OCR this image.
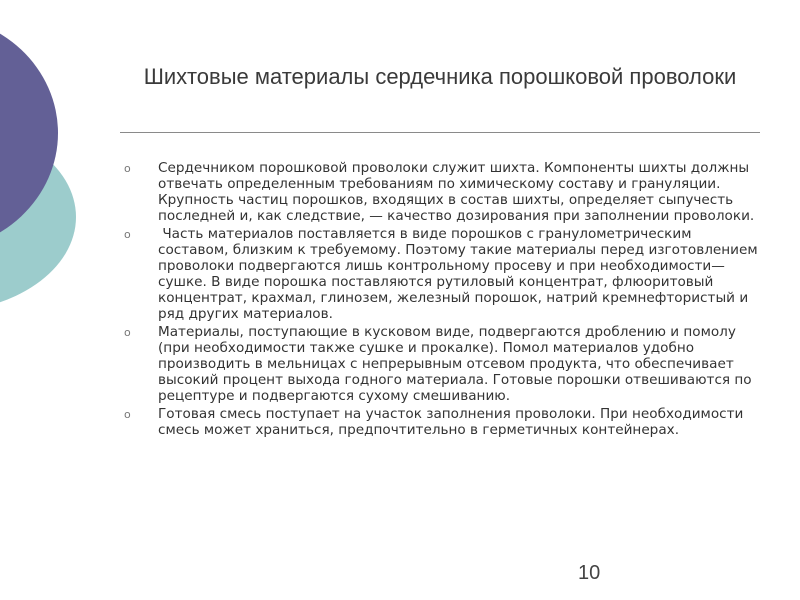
Шихтовые материалы сердечника порошковой проволоки
o Сердечником порошковой проволоки служит шихта. Компоненты шихты должны отвечать определенным требованиям по химическому составу и грануляции. Крупность частиц порошков, входящих в состав шихты, определяет сыпучесть последней и, как следствие, — качество дозирования при заполнении проволоки.
o Часть материалов поставляется в виде порошков с гранулометрическим составом, близким к требуемому. Поэтому такие материалы перед изготовлением проволоки подвергаются лишь контрольному просеву и при необходимости—сушке. В виде порошка поставляются рутиловый концентрат, флюоритовый концентрат, крахмал, глинозем, железный порошок, натрий кремнефтористый и ряд других материалов.
o Материалы, поступающие в кусковом виде, подвергаются дроблению и помолу (при необходимости также сушке и прокалке). Помол материалов удобно производить в мельницах с непрерывным отсевом продукта, что обеспечивает высокий процент выхода годного материала. Готовые порошки отвешиваются по рецептуре и подвергаются сухому смешиванию.
o Готовая смесь поступает на участок заполнения проволоки. При необходимости смесь может храниться, предпочтительно в герметичных контейнерах.
10
